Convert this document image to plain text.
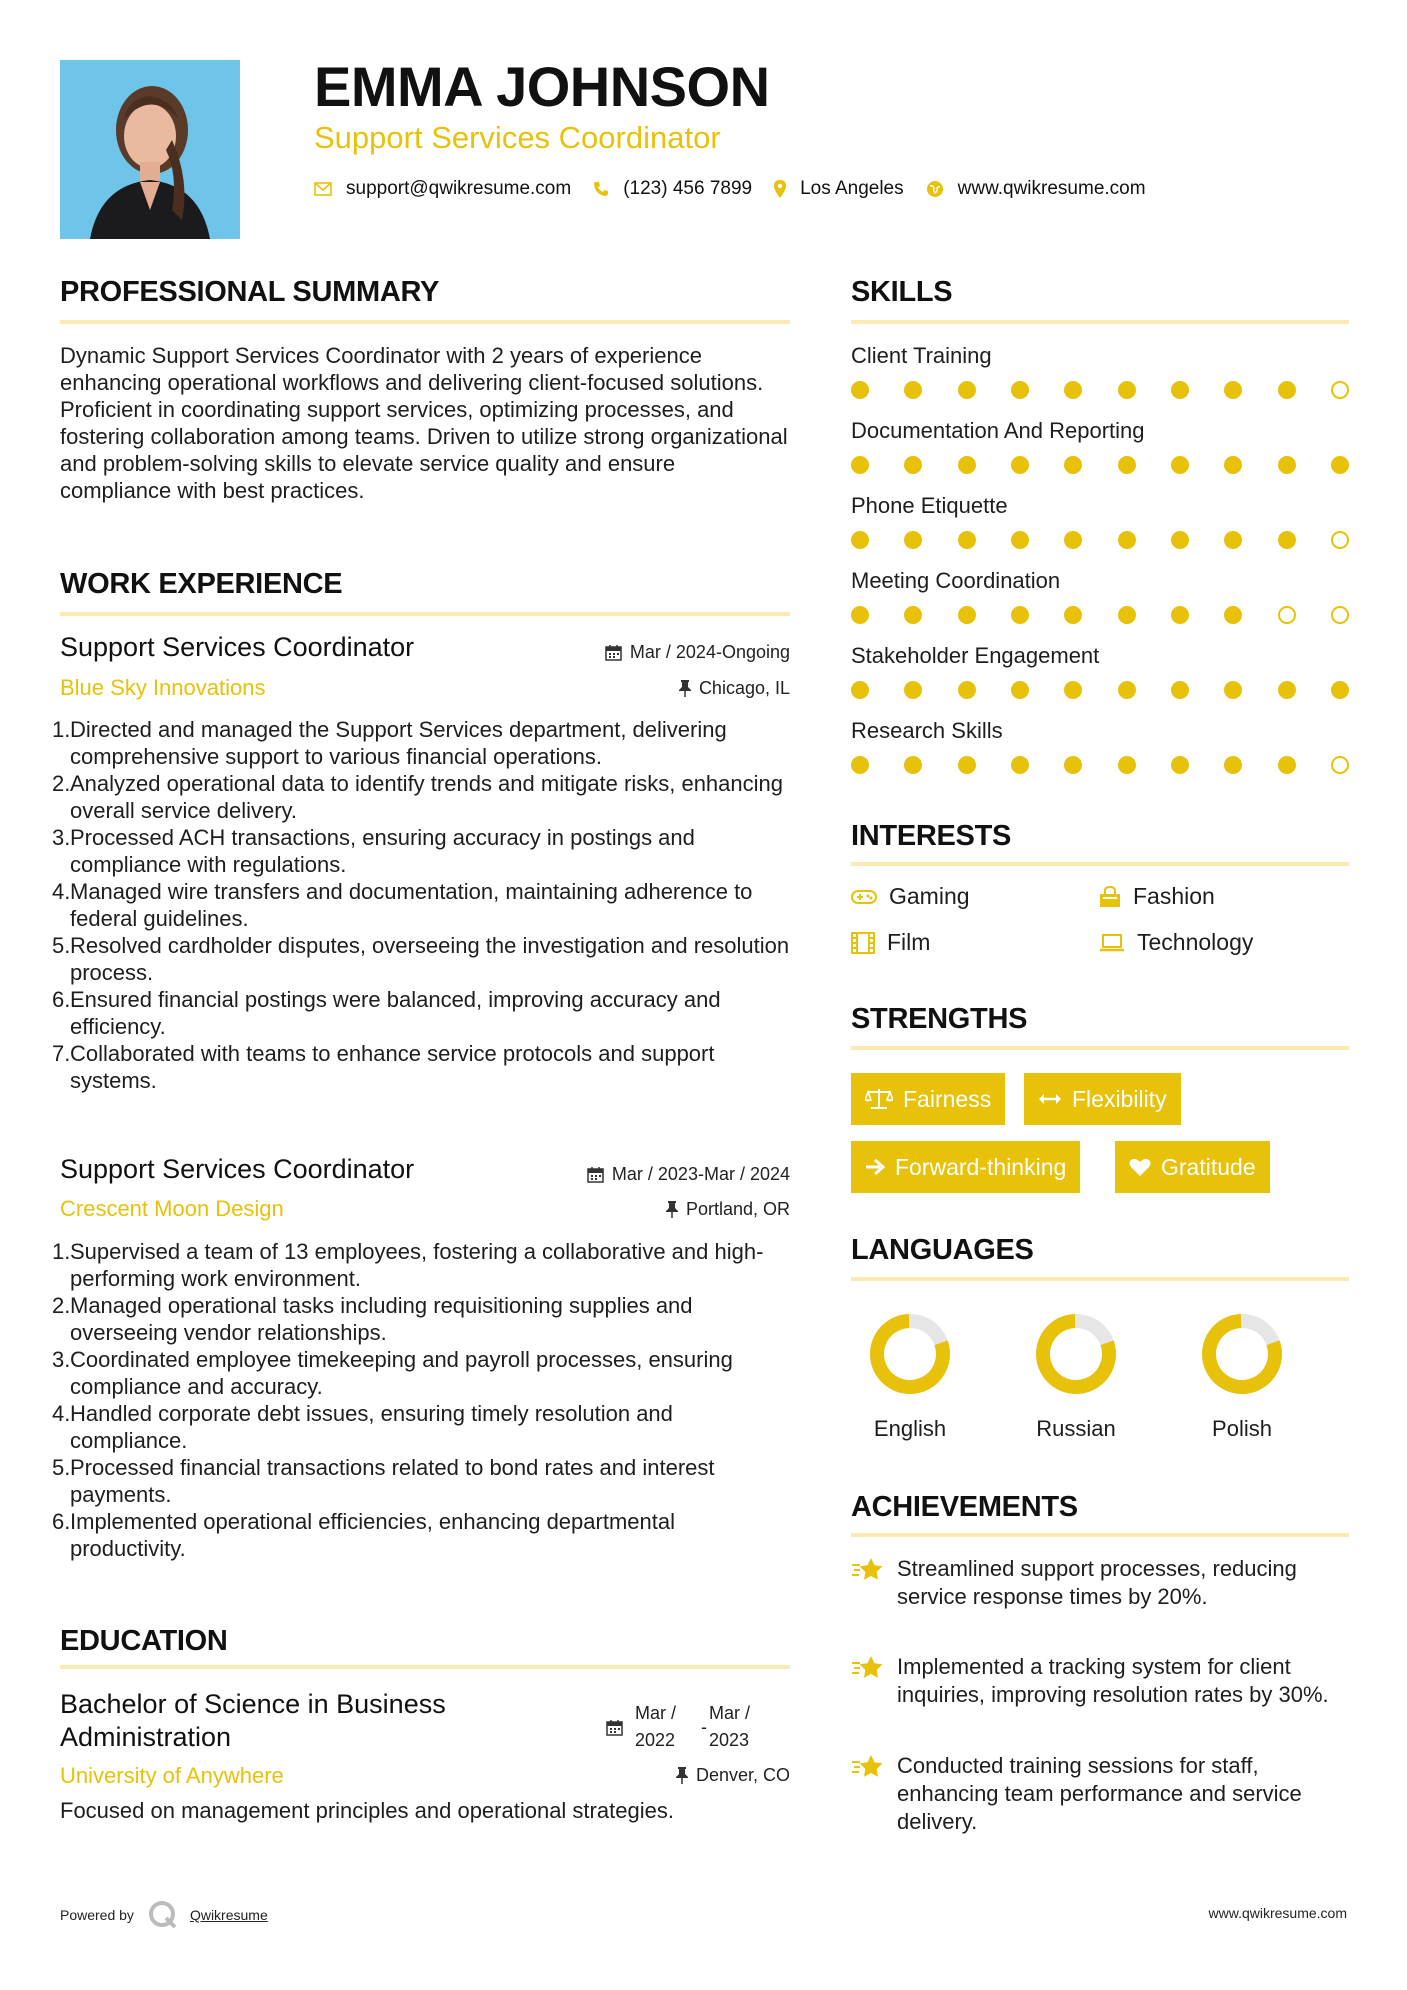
EMMA JOHNSON
Support Services Coordinator
support@qwikresume.com	(123) 456 7899	Los Angeles	www.qwikresume.com
PROFESSIONAL SUMMARY
Dynamic Support Services Coordinator with 2 years of experience enhancing operational workflows and delivering client-focused solutions. Proficient in coordinating support services, optimizing processes, and fostering collaboration among teams. Driven to utilize strong organizational and problem-solving skills to elevate service quality and ensure compliance with best practices.
WORK EXPERIENCE
Support Services Coordinator
Blue Sky Innovations
Mar / 2024-Ongoing
Chicago, IL
1. Directed and managed the Support Services department, delivering comprehensive support to various financial operations.
2. Analyzed operational data to identify trends and mitigate risks, enhancing overall service delivery.
3. Processed ACH transactions, ensuring accuracy in postings and compliance with regulations.
4. Managed wire transfers and documentation, maintaining adherence to federal guidelines.
5. Resolved cardholder disputes, overseeing the investigation and resolution process.
6. Ensured financial postings were balanced, improving accuracy and efficiency.
7. Collaborated with teams to enhance service protocols and support systems.
Support Services Coordinator
Crescent Moon Design
Mar / 2023-Mar / 2024
Portland, OR
1. Supervised a team of 13 employees, fostering a collaborative and high-performing work environment.
2. Managed operational tasks including requisitioning supplies and overseeing vendor relationships.
3. Coordinated employee timekeeping and payroll processes, ensuring compliance and accuracy.
4. Handled corporate debt issues, ensuring timely resolution and compliance.
5. Processed financial transactions related to bond rates and interest payments.
6. Implemented operational efficiencies, enhancing departmental productivity.
EDUCATION
Bachelor of Science in Business
Administration
University of Anywhere
Mar / 2022
-
Mar / 2023
Denver, CO
Focused on management principles and operational strategies.
SKILLS
Client Training
Documentation And Reporting
Phone Etiquette
Meeting Coordination
Stakeholder Engagement
Research Skills
INTERESTS
Gaming	Fashion
Film	Technology
STRENGTHS
Fairness	Flexibility
Forward-thinking	Gratitude
LANGUAGES
English	Russian	Polish
ACHIEVEMENTS
Streamlined support processes, reducing service response times by 20%.
Implemented a tracking system for client inquiries, improving resolution rates by 30%.
Conducted training sessions for staff, enhancing team performance and service delivery.
Powered by	Qwikresume	www.qwikresume.com
